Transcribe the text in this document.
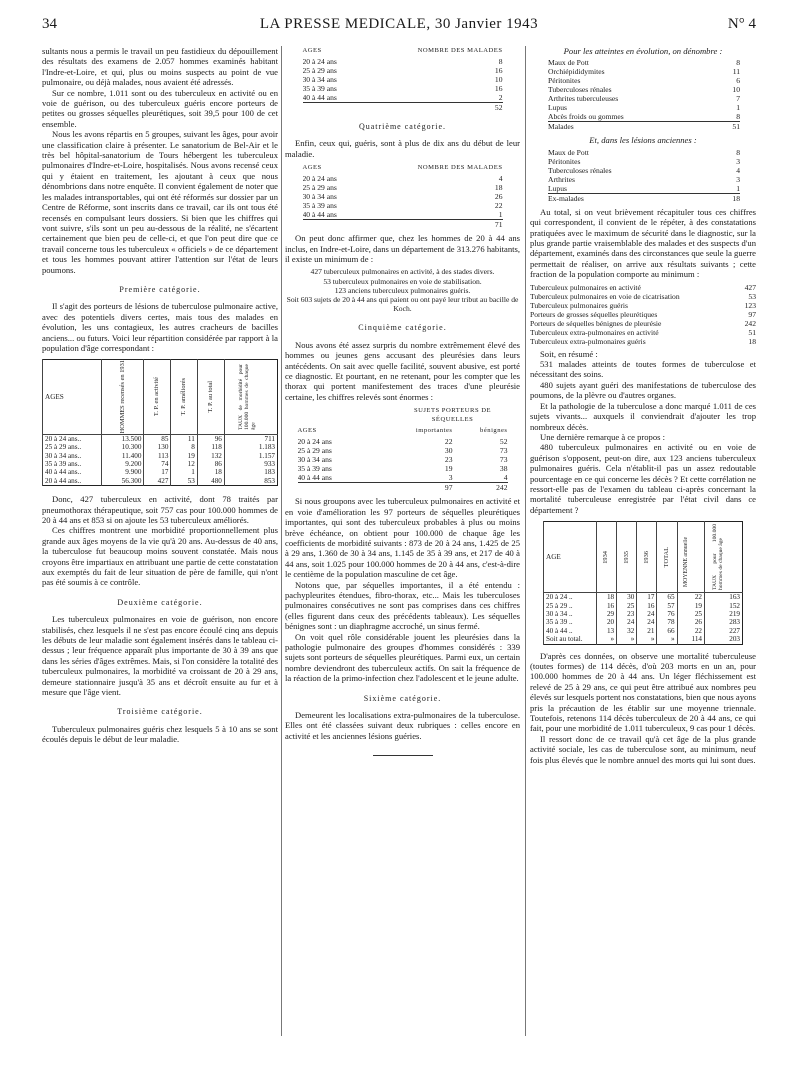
34	LA PRESSE MEDICALE, 30 Janvier 1943	N° 4

sultants nous a permis le travail un peu fastidieux du dépouillement des résultats des examens de 2.057 hommes examinés habitant l'Indre-et-Loire, et qui, plus ou moins suspects au point de vue pulmonaire, ou déjà malades, nous avaient été adressés.

Sur ce nombre, 1.011 sont ou des tuberculeux en activité ou en voie de guérison, ou des tuberculeux guéris encore porteurs de petites ou grosses séquelles pleurétiques, soit 39,5 pour 100 de cet ensemble.

Nous les avons répartis en 5 groupes, suivant les âges, pour avoir une classification claire à présenter. Le sanatorium de Bel-Air et le très bel hôpital-sanatorium de Tours hébergent les tuberculeux pulmonaires d'Indre-et-Loire, hospitalisés. Nous avons recensé ceux qui y étaient en traitement, les ajoutant à ceux que nous dénombrions dans notre enquête. Il convient également de noter que les malades intransportables, qui ont été réformés sur dossier par un Centre de Réforme, sont inscrits dans ce travail, car ils ont tous été recensés en compulsant leurs dossiers. Si bien que les chiffres qui vont suivre, s'ils sont un peu au-dessous de la réalité, ne s'écartent certainement que bien peu de celle-ci, et que l'on peut dire que ce travail concerne tous les tuberculeux « officiels » de ce département et tous les hommes pouvant attirer l'attention sur l'état de leurs poumons.

Première catégorie.

Il s'agit des porteurs de lésions de tuberculose pulmonaire active, avec des potentiels divers certes, mais tous des malades en évolution, les uns contagieux, les autres cracheurs de bacilles anciens... ou futurs. Voici leur répartition considérée par rapport à la population d'âge correspondant :

AGES	HOMMES recensés en 1931	T. P. en activité	T. P. améliorés	T. P. au total	TAUX de morbidité pour 100.000 hommes de chaque âge

20 à 24 ans..	13.500	85	11	96	711
25 à 29 ans..	10.300	130	8	118	1.183
30 à 34 ans..	11.400	113	19	132	1.157
35 à 39 ans..	9.200	74	12	86	933
40 à 44 ans..	9.900	17	1	18	183
20 à 44 ans..	56.300	427	53	480	853

Donc, 427 tuberculeux en activité, dont 78 traités par pneumothorax thérapeutique, soit 757 cas pour 100.000 hommes de 20 à 44 ans et 853 si on ajoute les 53 tuberculeux améliorés.

Ces chiffres montrent une morbidité proportionnellement plus grande aux âges moyens de la vie qu'à 20 ans. Au-dessus de 40 ans, la tuberculose fut beaucoup moins souvent constatée. Mais nous croyons être impartiaux en attribuant une partie de cette constatation aux exemptés du fait de leur situation de père de famille, qui n'ont pas été soumis à ce contrôle.

Deuxième catégorie.

Les tuberculeux pulmonaires en voie de guérison, non encore stabilisés, chez lesquels il ne s'est pas encore écoulé cinq ans depuis les débuts de leur maladie sont également insérés dans le tableau ci-dessus ; leur fréquence apparaît plus importante de 30 à 39 ans que dans les séries d'âges extrêmes. Mais, si l'on considère la totalité des tuberculeux pulmonaires, la morbidité va croissant de 20 à 29 ans, demeure stationnaire jusqu'à 35 ans et décroît ensuite au fur et à mesure que l'âge vient.

Troisième catégorie.

Tuberculeux pulmonaires guéris chez lesquels 5 à 10 ans se sont écoulés depuis le début de leur maladie.

AGES	NOMBRE DES MALADES
20 à 24 ans	8
25 à 29 ans	16
30 à 34 ans	10
35 à 39 ans	16
40 à 44 ans	2
	52
Quatrième catégorie.

Enfin, ceux qui, guéris, sont à plus de dix ans du début de leur maladie.

AGES	NOMBRE DES MALADES
20 à 24 ans	4
25 à 29 ans	18
30 à 34 ans	26
35 à 39 ans	22
40 à 44 ans	1
	71

On peut donc affirmer que, chez les hommes de 20 à 44 ans inclus, en Indre-et-Loire, dans un département de 313.276 habitants, il existe un minimum de :

427 tuberculeux pulmonaires en activité, à des stades divers.
53 tuberculeux pulmonaires en voie de stabilisation.
123 anciens tuberculeux pulmonaires guéris.
Soit 603 sujets de 20 à 44 ans qui paient ou ont payé leur tribut au bacille de Koch.
Cinquième catégorie.

Nous avons été assez surpris du nombre extrêmement élevé des hommes ou jeunes gens accusant des pleurésies dans leurs antécédents. On sait avec quelle facilité, souvent abusive, est porté ce diagnostic. Et pourtant, en ne retenant, pour les compter que les thorax qui portent manifestement des traces d'une pleurésie certaine, les chiffres relevés sont énormes :

	SUJETS PORTEURS DE SÉQUELLES	
AGES	importantes	bénignes
20 à 24 ans	22	52
25 à 29 ans	30	73
30 à 34 ans	23	73
35 à 39 ans	19	38
40 à 44 ans	3	4
	97	242

Si nous groupons avec les tuberculeux pulmonaires en activité et en voie d'amélioration les 97 porteurs de séquelles pleurétiques importantes, qui sont des tuberculeux probables à plus ou moins brève échéance, on obtient pour 100.000 de chaque âge les coefficients de morbidité suivants : 873 de 20 à 24 ans, 1.425 de 25 à 29 ans, 1.360 de 30 à 34 ans, 1.145 de 35 à 39 ans, et 217 de 40 à 44 ans, soit 1.025 pour 100.000 hommes de 20 à 44 ans, c'est-à-dire le centième de la population masculine de cet âge.

Notons que, par séquelles importantes, il a été entendu : pachypleurites étendues, fibro-thorax, etc... Mais les tuberculoses pulmonaires consécutives ne sont pas comprises dans ces chiffres (elles figurent dans ceux des précédents tableaux). Les séquelles bénignes sont : un diaphragme accroché, un sinus fermé.

On voit quel rôle considérable jouent les pleurésies dans la pathologie pulmonaire des groupes d'hommes considérés : 339 sujets sont porteurs de séquelles pleurétiques. Parmi eux, un certain nombre deviendront des tuberculeux actifs. On sait la fréquence de la réaction de la primo-infection chez l'adolescent et le jeune adulte.

Sixième catégorie.

Demeurent les localisations extra-pulmonaires de la tuberculose. Elles ont été classées suivant deux rubriques : celles encore en activité et les anciennes lésions guéries.

Pour les atteintes en évolution, on dénombre :

Maux de Pott	8
Orchiépididymites	11
Péritonites	6
Tuberculoses rénales	10
Arthrites tuberculeuses	7
Lupus	1
Abcès froids ou gommes	8
Malades	51

Et, dans les lésions anciennes :

Maux de Pott	8
Péritonites	3
Tuberculoses rénales	4
Arthrites	3
Lupus	1
Ex-malades	18

Au total, si on veut brièvement récapituler tous ces chiffres qui correspondent, il convient de le répéter, à des constatations pratiquées avec le maximum de sécurité dans le diagnostic, sur la plus grande partie vraisemblable des malades et des suspects d'un département, examinés dans des circonstances que seule la guerre permettait de réaliser, on arrive aux résultats suivants ; cette fraction de la population comporte au minimum :

Tuberculeux pulmonaires en activité	427
Tuberculeux pulmonaires en voie de cicatrisation	53
Tuberculeux pulmonaires guéris	123
Porteurs de grosses séquelles pleurétiques	97
Porteurs de séquelles bénignes de pleurésie	242
Tuberculeux extra-pulmonaires en activité	51
Tuberculeux extra-pulmonaires guéris	18

Soit, en résumé :

531 malades atteints de toutes formes de tuberculose et nécessitant des soins.

480 sujets ayant guéri des manifestations de tuberculose des poumons, de la plèvre ou d'autres organes.

Et la pathologie de la tuberculose a donc marqué 1.011 de ces sujets vivants... auxquels il conviendrait d'ajouter les trop nombreux décès.

Une dernière remarque à ce propos :

480 tuberculeux pulmonaires en activité ou en voie de guérison s'opposent, peut-on dire, aux 123 anciens tuberculeux pulmonaires guéris. Cela n'établit-il pas un assez redoutable pourcentage en ce qui concerne les décès ? Et cette corrélation ne ressort-elle pas de l'examen du tableau ci-après concernant la mortalité tuberculeuse enregistrée par l'état civil dans ce département ?

AGE	1934	1935	1936	TOTAL	MOYENNE annuelle	TAUX pour 100.000 hommes de chaque âge

20 à 24 ..	18	30	17	65	22	163
25 à 29 ..	16	25	16	57	19	152
30 à 34 ..	29	23	24	76	25	219
35 à 39 ..	20	24	24	78	26	283
40 à 44 ..	13	32	21	66	22	227
Soit au total.	»	»	»	»	114	203

D'après ces données, on observe une mortalité tuberculeuse (toutes formes) de 114 décès, d'où 203 morts en un an, pour 100.000 hommes de 20 à 44 ans. Un léger fléchissement est relevé de 25 à 29 ans, ce qui peut être attribué aux nombres peu élevés sur lesquels portent nos constatations, bien que nous ayons pris la précaution de les établir sur une moyenne triennale. Toutefois, retenons 114 décès tuberculeux de 20 à 44 ans, ce qui fait, pour une morbidité de 1.011 tuberculeux, 9 cas pour 1 décès.

Il ressort donc de ce travail qu'à cet âge de la plus grande activité sociale, les cas de tuberculose sont, au minimum, neuf fois plus élevés que le nombre annuel des morts qui lui sont dues.
